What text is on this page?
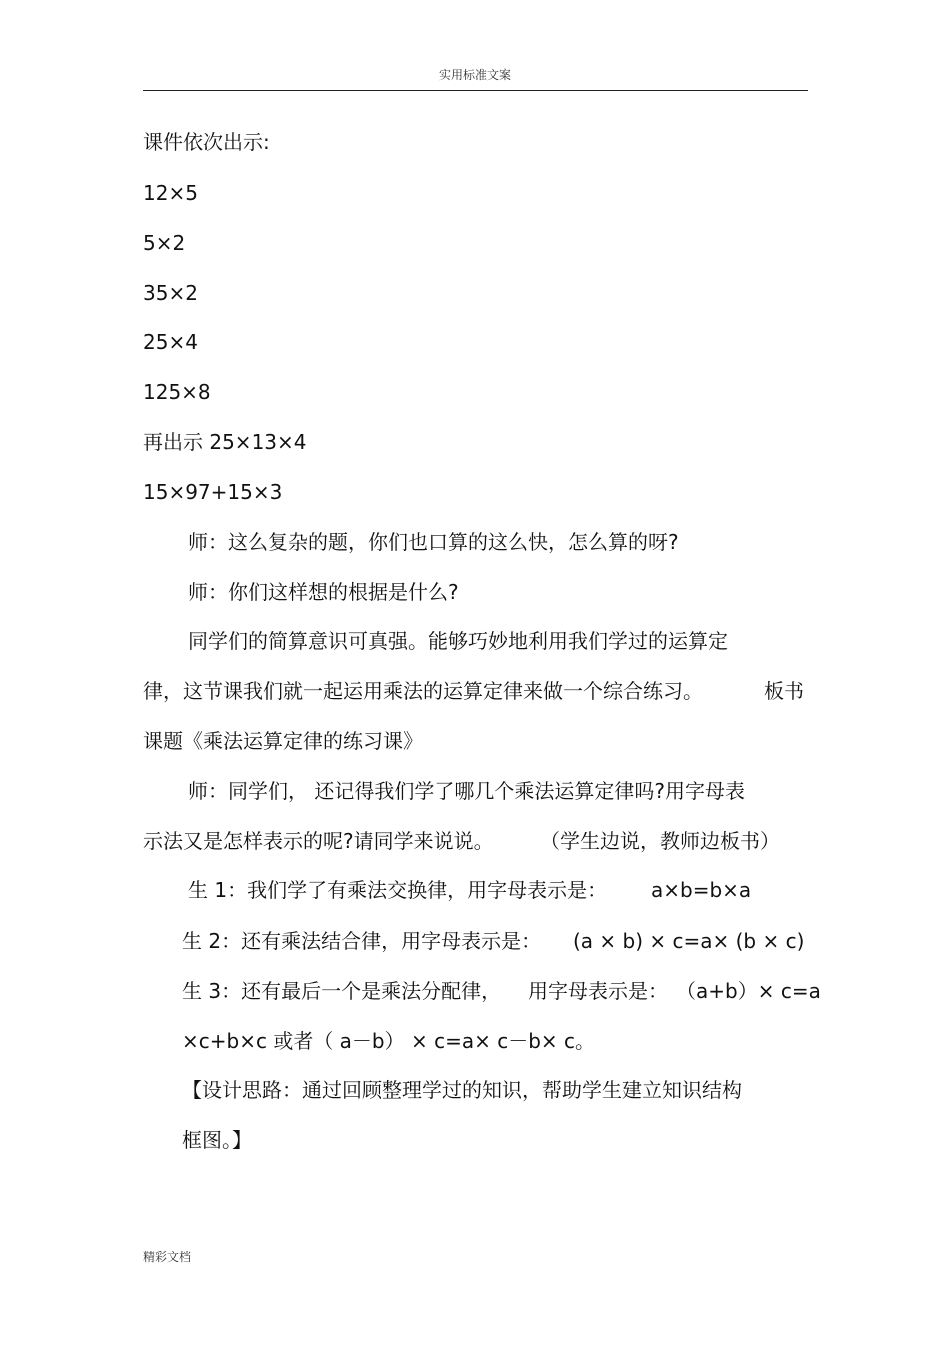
实用标准文案
课件依次出示:
12×5
5×2
35×2
25×4
125×8
再出示 25×13×4
15×97+15×3
师：这么复杂的题，你们也口算的这么快，怎么算的呀?
师：你们这样想的根据是什么?
同学们的简算意识可真强。能够巧妙地利用我们学过的运算定
律，这节课我们就一起运用乘法的运算定律来做一个综合练习。	板书
课题《乘法运算定律的练习课》
师：同学们， 还记得我们学了哪几个乘法运算定律吗?用字母表
示法又是怎样表示的呢?请同学来说说。 （学生边说，教师边板书）
生 1：我们学了有乘法交换律，用字母表示是： a×b=b×a
生 2：还有乘法结合律，用字母表示是： (a × b) × c=a× (b × c)
生 3：还有最后一个是乘法分配律， 用字母表示是： （a+b）× c=a
×c+b×c 或者（ a－b） × c=a× c－b× c。
【设计思路：通过回顾整理学过的知识，帮助学生建立知识结构
框图。】
精彩文档
